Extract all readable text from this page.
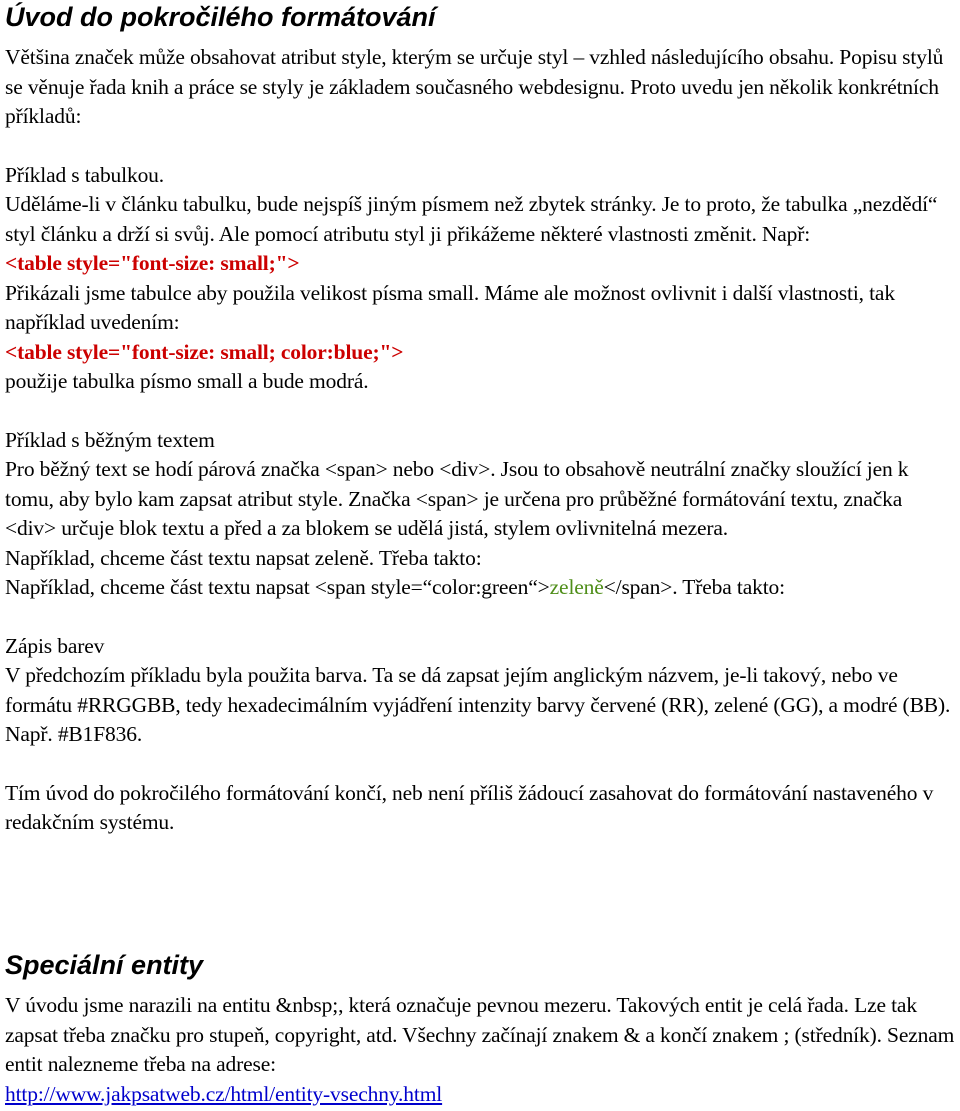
Úvod do pokročilého formátování

Většina značek může obsahovat atribut style, kterým se určuje styl – vzhled následujícího obsahu. Popisu stylů se věnuje řada knih a práce se styly je základem současného webdesignu. Proto uvedu jen několik konkrétních příkladů:

Příklad s tabulkou.

Uděláme-li v článku tabulku, bude nejspíš jiným písmem než zbytek stránky. Je to proto, že tabulka „nezdědí“ styl článku a drží si svůj. Ale pomocí atributu styl ji přikážeme některé vlastnosti změnit. Např:

<table style="font-size: small;">

Přikázali jsme tabulce aby použila velikost písma small. Máme ale možnost ovlivnit i další vlastnosti, tak například uvedením:

<table style="font-size: small; color:blue;">

použije tabulka písmo small a bude modrá.

Příklad s běžným textem

Pro běžný text se hodí párová značka <span> nebo <div>. Jsou to obsahově neutrální značky sloužící jen k tomu, aby bylo kam zapsat atribut style. Značka <span> je určena pro průběžné formátování textu, značka <div> určuje blok textu a před a za blokem se udělá jistá, stylem ovlivnitelná mezera.

Například, chceme část textu napsat zeleně. Třeba takto:

Například, chceme část textu napsat <span style=“color:green“>zeleně</span>. Třeba takto:

Zápis barev

V předchozím příkladu byla použita barva. Ta se dá zapsat jejím anglickým názvem, je-li takový, nebo ve formátu #RRGGBB, tedy hexadecimálním vyjádření intenzity barvy červené (RR), zelené (GG), a modré (BB). Např. #B1F836.

Tím úvod do pokročilého formátování končí, neb není příliš žádoucí zasahovat do formátování nastaveného v redakčním systému.

Speciální entity

V úvodu jsme narazili na entitu &nbsp;, která označuje pevnou mezeru. Takových entit je celá řada. Lze tak zapsat třeba značku pro stupeň, copyright, atd. Všechny začínají znakem & a končí znakem ; (středník). Seznam entit nalezneme třeba na adrese:

http://www.jakpsatweb.cz/html/entity-vsechny.html
